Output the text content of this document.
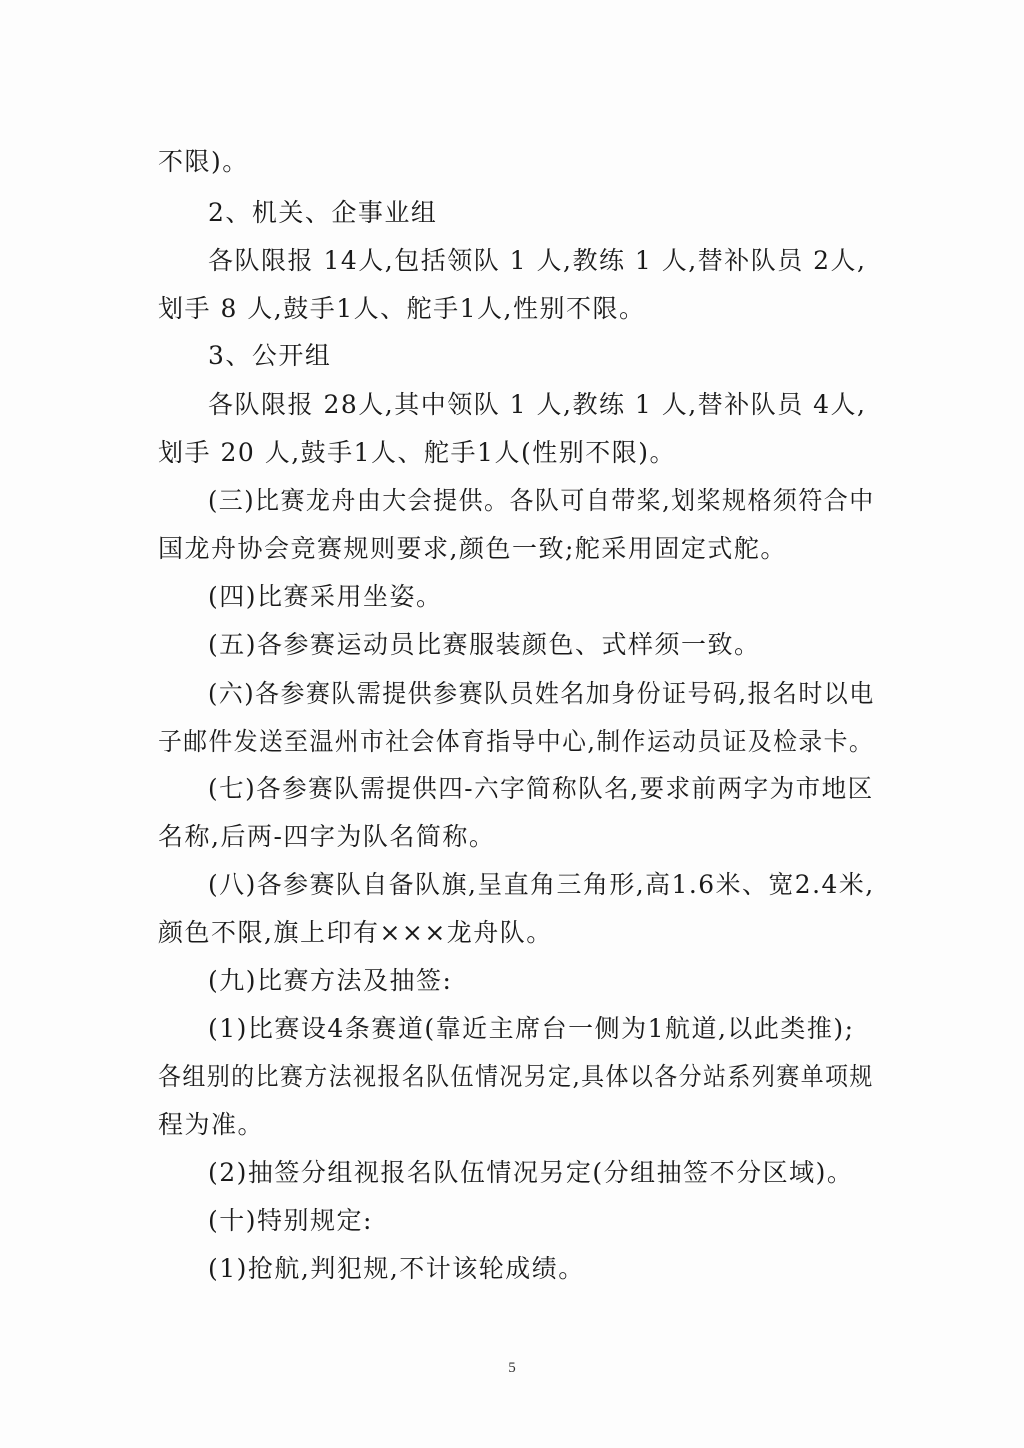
不限)。
2、机关、企事业组
各队限报 14人,包括领队 1 人,教练 1 人,替补队员 2人,
划手 8 人,鼓手1人、舵手1人,性别不限。
3、公开组
各队限报 28人,其中领队 1 人,教练 1 人,替补队员 4人,
划手 20 人,鼓手1人、舵手1人(性别不限)。
(三)比赛龙舟由大会提供。各队可自带桨,划桨规格须符合中
国龙舟协会竞赛规则要求,颜色一致;舵采用固定式舵。
(四)比赛采用坐姿。
(五)各参赛运动员比赛服装颜色、式样须一致。
(六)各参赛队需提供参赛队员姓名加身份证号码,报名时以电
子邮件发送至温州市社会体育指导中心,制作运动员证及检录卡。
(七)各参赛队需提供四-六字简称队名,要求前两字为市地区
名称,后两-四字为队名简称。
(八)各参赛队自备队旗,呈直角三角形,高1.6米、宽2.4米,
颜色不限,旗上印有×××龙舟队。
(九)比赛方法及抽签:
(1)比赛设4条赛道(靠近主席台一侧为1航道,以此类推);
各组别的比赛方法视报名队伍情况另定,具体以各分站系列赛单项规
程为准。
(2)抽签分组视报名队伍情况另定(分组抽签不分区域)。
(十)特别规定:
(1)抢航,判犯规,不计该轮成绩。
5
